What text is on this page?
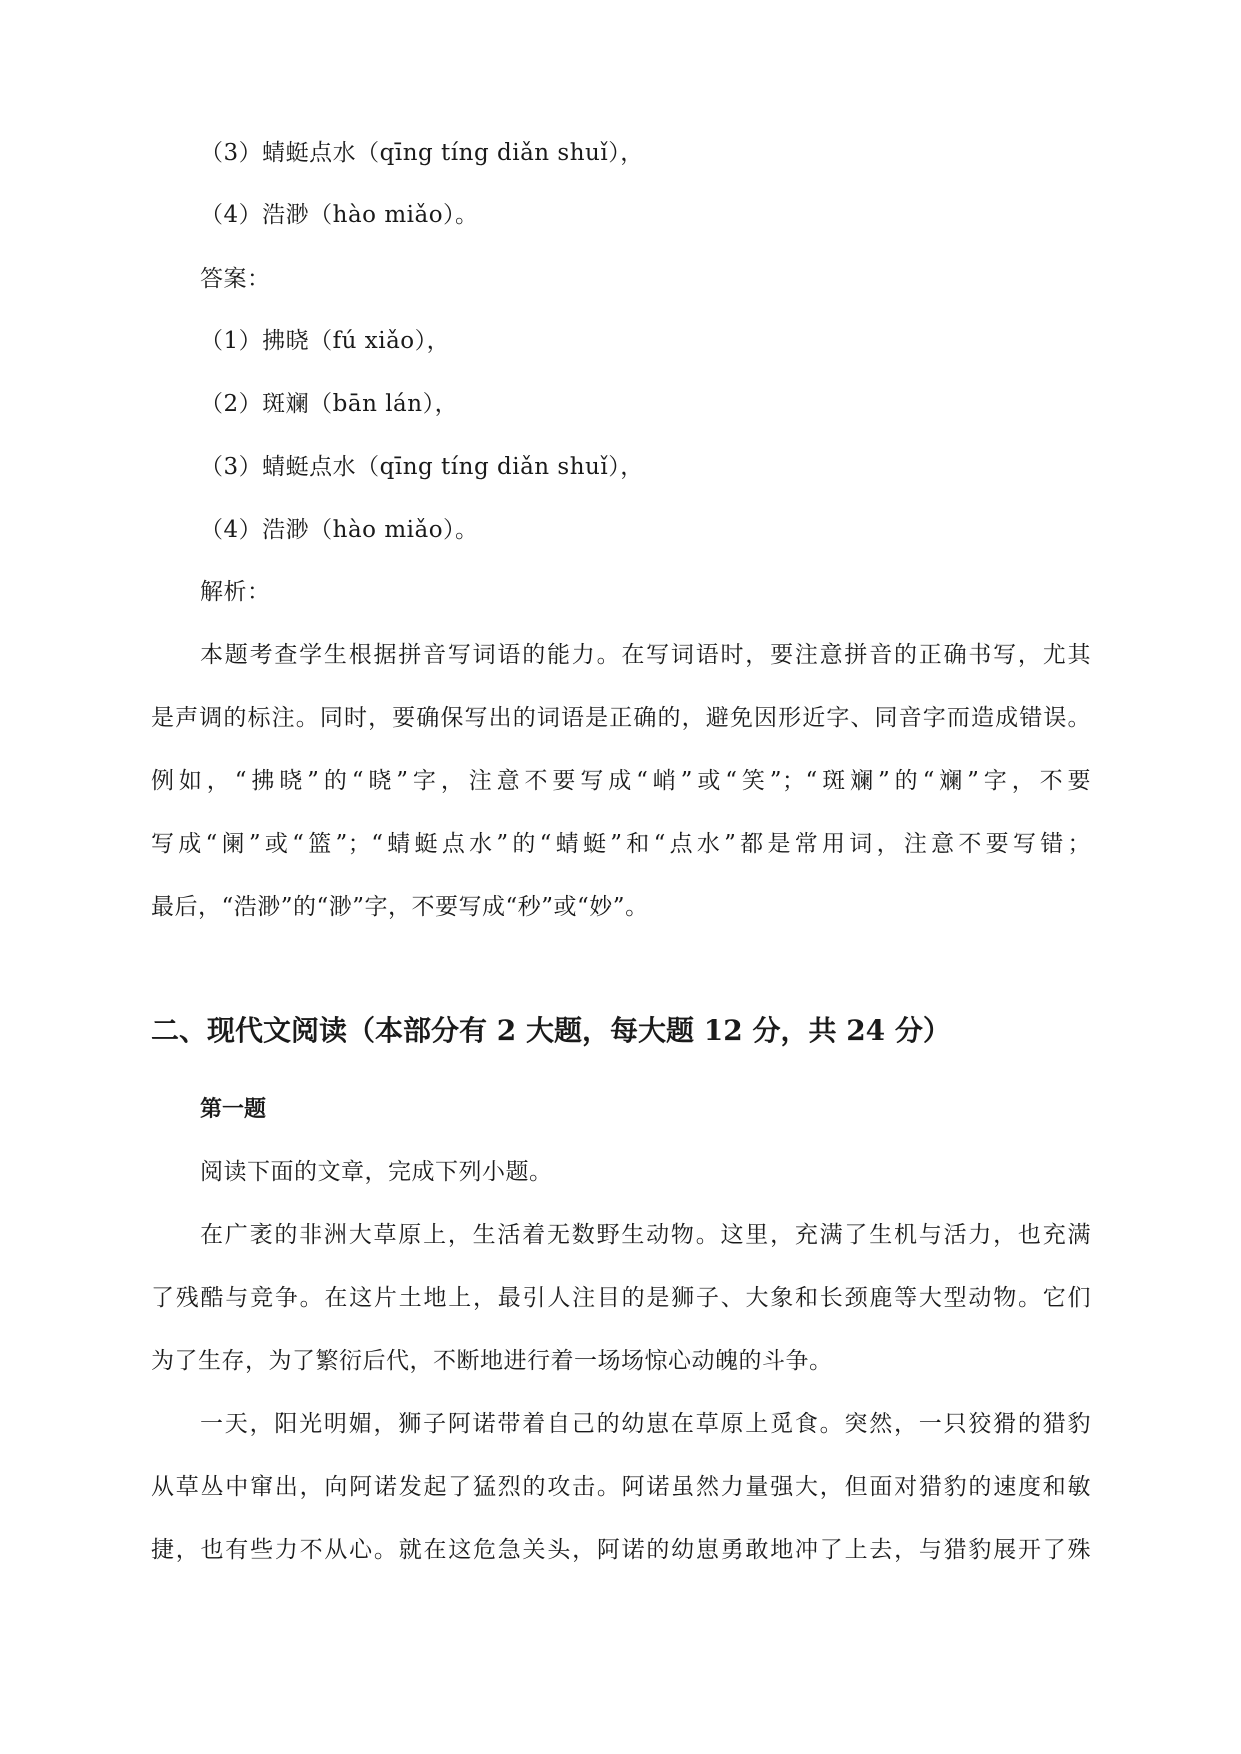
（3）蜻蜓点水（qīng tíng diǎn shuǐ），
（4）浩渺（hào miǎo）。
答案：
（1）拂晓（fú xiǎo），
（2）斑斓（bān lán），
（3）蜻蜓点水（qīng tíng diǎn shuǐ），
（4）浩渺（hào miǎo）。
解析：
本题考查学生根据拼音写词语的能力。在写词语时，要注意拼音的正确书写，尤其
是声调的标注。同时，要确保写出的词语是正确的，避免因形近字、同音字而造成错误。
例如，“拂晓”的“晓”字，注意不要写成“峭”或“笑”；“斑斓”的“斓”字，不要
写成“阑”或“篮”；“蜻蜓点水”的“蜻蜓”和“点水”都是常用词，注意不要写错；
最后，“浩渺”的“渺”字，不要写成“秒”或“妙”。
二、现代文阅读（本部分有 2 大题，每大题 12 分，共 24 分）
第一题
阅读下面的文章，完成下列小题。
在广袤的非洲大草原上，生活着无数野生动物。这里，充满了生机与活力，也充满
了残酷与竞争。在这片土地上，最引人注目的是狮子、大象和长颈鹿等大型动物。它们
为了生存，为了繁衍后代，不断地进行着一场场惊心动魄的斗争。
一天，阳光明媚，狮子阿诺带着自己的幼崽在草原上觅食。突然，一只狡猾的猎豹
从草丛中窜出，向阿诺发起了猛烈的攻击。阿诺虽然力量强大，但面对猎豹的速度和敏
捷，也有些力不从心。就在这危急关头，阿诺的幼崽勇敢地冲了上去，与猎豹展开了殊
